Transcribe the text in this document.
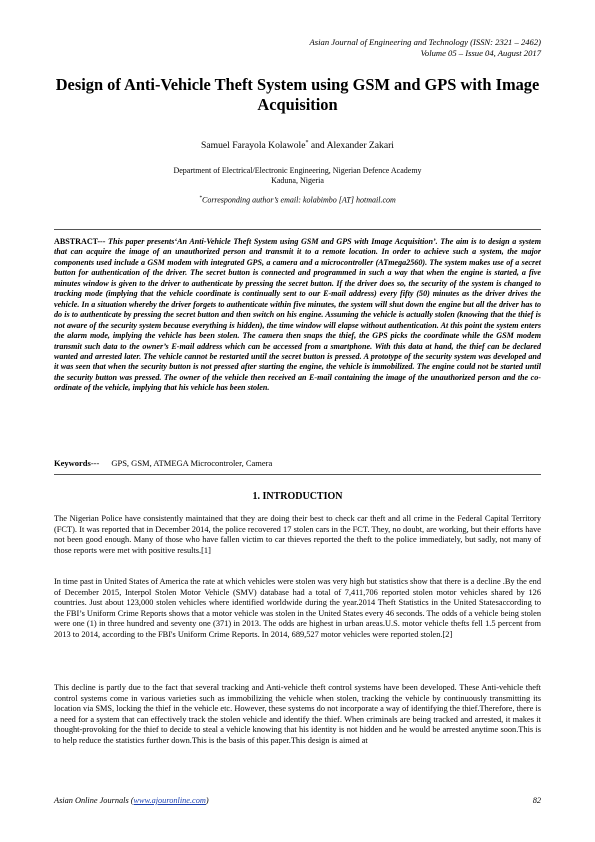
Asian Journal of Engineering and Technology (ISSN: 2321 – 2462)
Volume 05 – Issue 04, August 2017
Design of Anti-Vehicle Theft System using GSM and GPS with Image Acquisition
Samuel Farayola Kolawole* and Alexander Zakari
Department of Electrical/Electronic Engineering, Nigerian Defence Academy
Kaduna, Nigeria
*Corresponding author’s email: kolabimbo [AT] hotmail.com
ABSTRACT--- This paper presents‘An Anti-Vehicle Theft System using GSM and GPS with Image Acquisition’. The aim is to design a system that can acquire the image of an unauthorized person and transmit it to a remote location. In order to achieve such a system, the major components used include a GSM modem with integrated GPS, a camera and a microcontroller (ATmega2560). The system makes use of a secret button for authentication of the driver. The secret button is connected and programmed in such a way that when the engine is started, a five minutes window is given to the driver to authenticate by pressing the secret button. If the driver does so, the security of the system is changed to tracking mode (implying that the vehicle coordinate is continually sent to our E-mail address) every fifty (50) minutes as the driver drives the vehicle. In a situation whereby the driver forgets to authenticate within five minutes, the system will shut down the engine but all the driver has to do is to authenticate by pressing the secret button and then switch on his engine. Assuming the vehicle is actually stolen (knowing that the thief is not aware of the security system because everything is hidden), the time window will elapse without authentication. At this point the system enters the alarm mode, implying the vehicle has been stolen. The camera then snaps the thief, the GPS picks the coordinate while the GSM modem transmit such data to the owner’s E-mail address which can be accessed from a smartphone. With this data at hand, the thief can be declared wanted and arrested later. The vehicle cannot be restarted until the secret button is pressed. A prototype of the security system was developed and it was seen that when the security button is not pressed after starting the engine, the vehicle is immobilized. The engine could not be started until the security button was pressed. The owner of the vehicle then received an E-mail containing the image of the unauthorized person and the co-ordinate of the vehicle, implying that his vehicle has been stolen.
Keywords--- GPS, GSM, ATMEGA Microcontroler, Camera
1. INTRODUCTION

The Nigerian Police have consistently maintained that they are doing their best to check car theft and all crime in the Federal Capital Territory (FCT). It was reported that in December 2014, the police recovered 17 stolen cars in the FCT. They, no doubt, are working, but their efforts have not been good enough. Many of those who have fallen victim to car thieves reported the theft to the police immediately, but sadly, not many of those reports were met with positive results.[1]

In time past in United States of America the rate at which vehicles were stolen was very high but statistics show that there is a decline .By the end of December 2015, Interpol Stolen Motor Vehicle (SMV) database had a total of 7,411,706 reported stolen motor vehicles shared by 126 countries. Just about 123,000 stolen vehicles where identified worldwide during the year.2014 Theft Statistics in the United Statesaccording to the FBI’s Uniform Crime Reports shows that a motor vehicle was stolen in the United States every 46 seconds. The odds of a vehicle being stolen were one (1) in three hundred and seventy one (371) in 2013. The odds are highest in urban areas.U.S. motor vehicle thefts fell 1.5 percent from 2013 to 2014, according to the FBI's Uniform Crime Reports. In 2014, 689,527 motor vehicles were reported stolen.[2]

This decline is partly due to the fact that several tracking and Anti-vehicle theft control systems have been developed. These Anti-vehicle theft control systems come in various varieties such as immobilizing the vehicle when stolen, tracking the vehicle by continuously transmitting its location via SMS, locking the thief in the vehicle etc. However, these systems do not incorporate a way of identifying the thief.Therefore, there is a need for a system that can effectively track the stolen vehicle and identify the thief. When criminals are being tracked and arrested, it makes it thought-provoking for the thief to decide to steal a vehicle knowing that his identity is not hidden and he would be arrested anytime soon.This is to help reduce the statistics further down.This is the basis of this paper.This design is aimed at

Asian Online Journals (www.ajouronline.com)	82
